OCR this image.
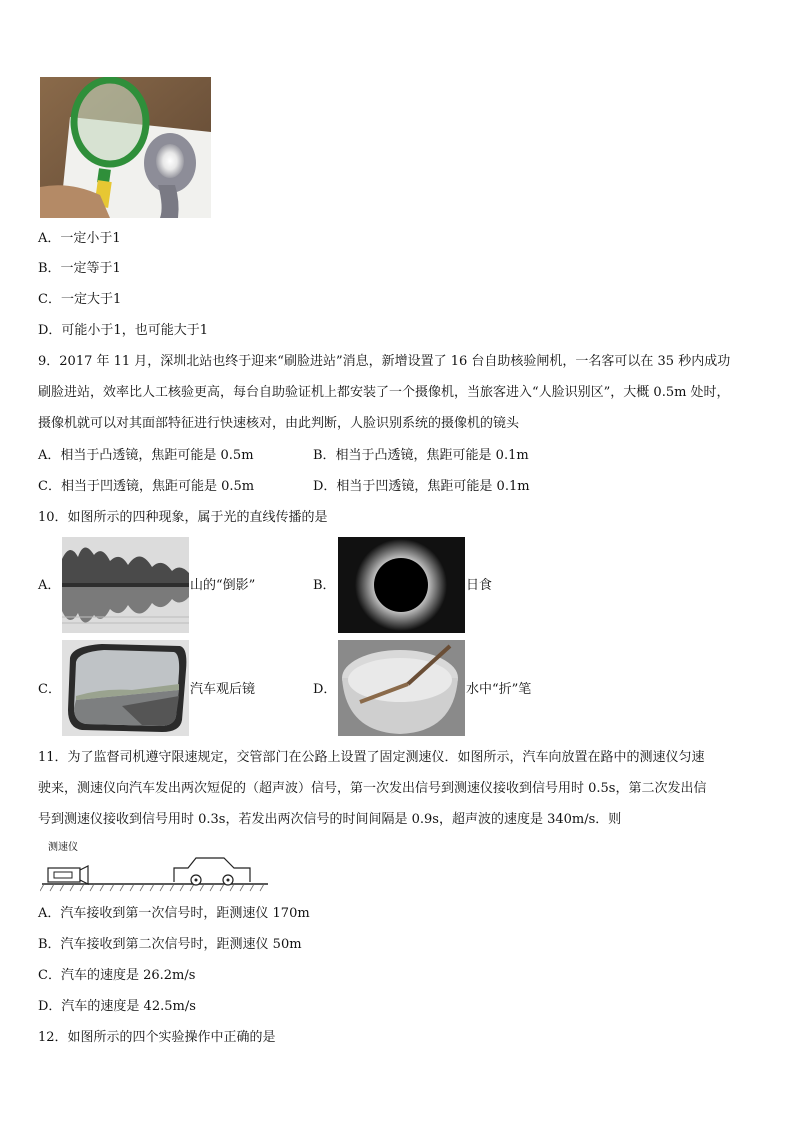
A．一定小于1
B．一定等于1
C．一定大于1
D．可能小于1，也可能大于1
9．2017 年 11 月，深圳北站也终于迎来“刷脸进站”消息，新增设置了 16 台自助核验闸机，一名客可以在 35 秒内成功
刷脸进站，效率比人工核验更高，每台自助验证机上都安装了一个摄像机，当旅客进入“人脸识别区”，大概 0.5m 处时，
摄像机就可以对其面部特征进行快速核对，由此判断，人脸识别系统的摄像机的镜头
A．相当于凸透镜，焦距可能是 0.5m	B．相当于凸透镜，焦距可能是 0.1m
C．相当于凹透镜，焦距可能是 0.5m	D．相当于凹透镜，焦距可能是 0.1m
10．如图所示的四种现象，属于光的直线传播的是
A．	山的“倒影”	B．	日食
C．	汽车观后镜	D．	水中“折”笔
11．为了监督司机遵守限速规定，交管部门在公路上设置了固定测速仪．如图所示，汽车向放置在路中的测速仪匀速
驶来，测速仪向汽车发出两次短促的（超声波）信号，第一次发出信号到测速仪接收到信号用时 0.5s，第二次发出信
号到测速仪接收到信号用时 0.3s，若发出两次信号的时间间隔是 0.9s，超声波的速度是 340m/s．则
测速仪
A．汽车接收到第一次信号时，距测速仪 170m
B．汽车接收到第二次信号时，距测速仪 50m
C．汽车的速度是 26.2m/s
D．汽车的速度是 42.5m/s
12．如图所示的四个实验操作中正确的是
